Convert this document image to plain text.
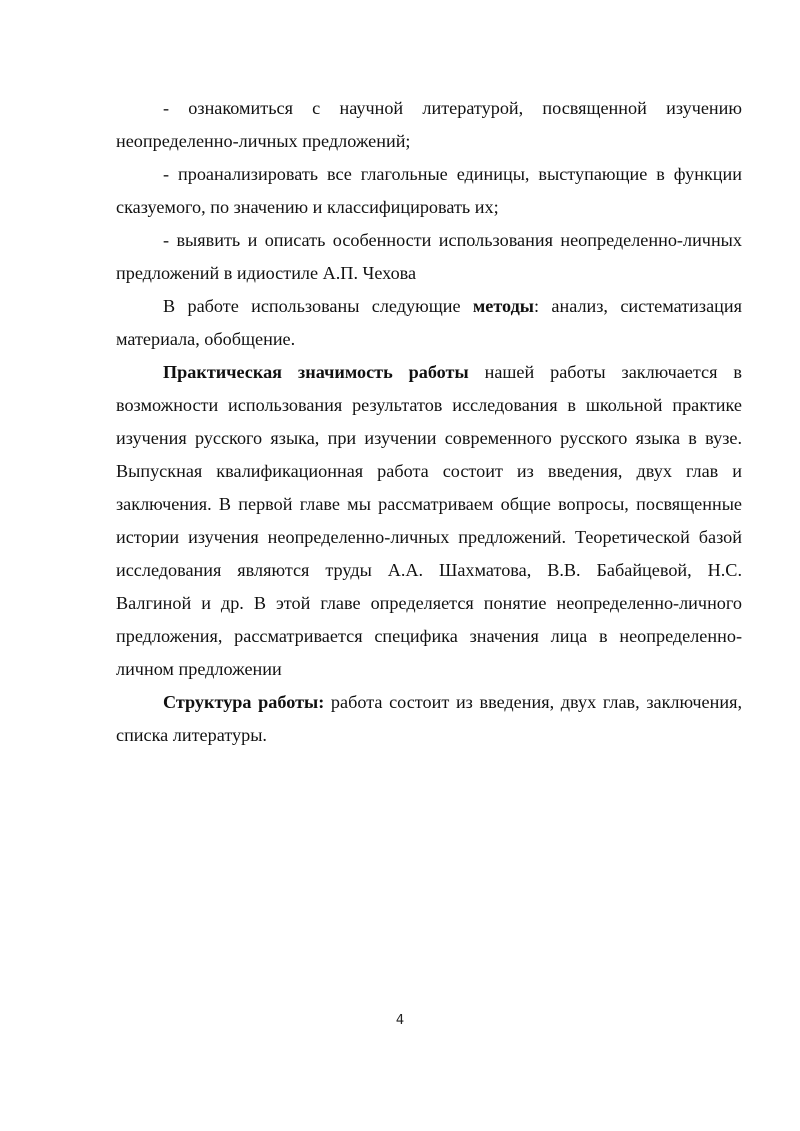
- ознакомиться с научной литературой, посвященной изучению неопределенно-личных предложений;

- проанализировать все глагольные единицы, выступающие в функции сказуемого, по значению и классифицировать их;

- выявить и описать особенности использования неопределенно-личных предложений в идиостиле А.П. Чехова

В работе использованы следующие методы: анализ, систематизация материала, обобщение.

Практическая значимость работы нашей работы заключается в возможности использования результатов исследования в школьной практике изучения русского языка, при изучении современного русского языка в вузе. Выпускная квалификационная работа состоит из введения, двух глав и заключения. В первой главе мы рассматриваем общие вопросы, посвященные истории изучения неопределенно-личных предложений. Теоретической базой исследования являются труды А.А. Шахматова, В.В. Бабайцевой, Н.С. Валгиной и др. В этой главе определяется понятие неопределенно-личного предложения, рассматривается специфика значения лица в неопределенно-личном предложении

Структура работы: работа состоит из введения, двух глав, заключения, списка литературы.

4
